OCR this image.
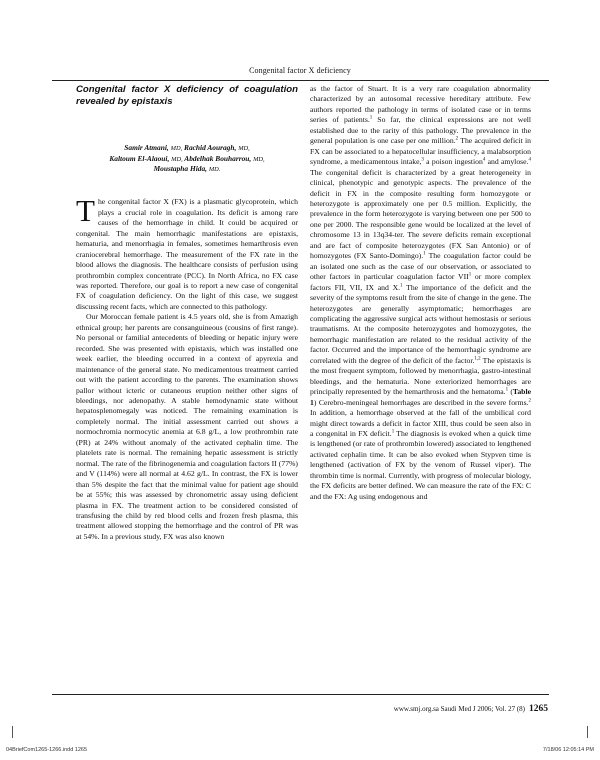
Congenital factor X deficiency
Congenital factor X deficiency of coagulation revealed by epistaxis
Samir Atmani, MD, Rachid Aouragh, MD,
Kaltoum El-Alaoui, MD, Abdelhak Bouharrou, MD,
Moustapha Hida, MD.

The congenital factor X (FX) is a plasmatic glycoprotein, which plays a crucial role in coagulation. Its deficit is among rare causes of the hemorrhage in child. It could be acquired or congenital. The main hemorrhagic manifestations are epistaxis, hematuria, and menorrhagia in females, sometimes hemarthrosis even craniocerebral hemorrhage. The measurement of the FX rate in the blood allows the diagnosis. The healthcare consists of perfusion using prothrombin complex concentrate (PCC). In North Africa, no FX case was reported. Therefore, our goal is to report a new case of congenital FX of coagulation deficiency. On the light of this case, we suggest discussing recent facts, which are connected to this pathology.

Our Moroccan female patient is 4.5 years old, she is from Amazigh ethnical group; her parents are consanguineous (cousins of first range). No personal or familial antecedents of bleeding or hepatic injury were recorded. She was presented with epistaxis, which was installed one week earlier, the bleeding occurred in a context of apyrexia and maintenance of the general state. No medicamentous treatment carried out with the patient according to the parents. The examination shows pallor without icteric or cutaneous eruption neither other signs of bleedings, nor adenopathy. A stable hemodynamic state without hepatosplenomegaly was noticed. The remaining examination is completely normal. The initial assessment carried out shows a normochromia normocytic anemia at 6.8 g/L, a low prothrombin rate (PR) at 24% without anomaly of the activated cephalin time. The platelets rate is normal. The remaining hepatic assessment is strictly normal. The rate of the fibrinogenemia and coagulation factors II (77%) and V (114%) were all normal at 4.62 g/L. In contrast, the FX is lower than 5% despite the fact that the minimal value for patient age should be at 55%; this was assessed by chronometric assay using deficient plasma in FX. The treatment action to be considered consisted of transfusing the child by red blood cells and frozen fresh plasma, this treatment allowed stopping the hemorrhage and the control of PR was at 54%. In a previous study, FX was also known

as the factor of Stuart. It is a very rare coagulation abnormality characterized by an autosomal recessive hereditary attribute. Few authors reported the pathology in terms of isolated case or in terms series of patients.$^1$ So far, the clinical expressions are not well established due to the rarity of this pathology. The prevalence in the general population is one case per one million.$^2$ The acquired deficit in FX can be associated to a hepatocellular insufficiency, a malabsorption syndrome, a medicamentous intake,$^3$ a poison ingestion$^4$ and amylose.$^4$ The congenital deficit is characterized by a great heterogeneity in clinical, phenotypic and genotypic aspects. The prevalence of the deficit in FX in the composite resulting form homozygote or heterozygote is approximately one per 0.5 million. Explicitly, the prevalence in the form heterozygote is varying between one per 500 to one per 2000. The responsible gene would be localized at the level of chromosome 13 in 13q34-ter. The severe deficits remain exceptional and are fact of composite heterozygotes (FX San Antonio) or of homozygotes (FX Santo-Domingo).$^1$ The coagulation factor could be an isolated one such as the case of our observation, or associated to other factors in particular coagulation factor VII$^1$ or more complex factors FII, VII, IX and X.$^1$ The importance of the deficit and the severity of the symptoms result from the site of change in the gene. The heterozygotes are generally asymptomatic; hemorrhages are complicating the aggressive surgical acts without hemostasis or serious traumatisms. At the composite heterozygotes and homozygotes, the hemorrhagic manifestation are related to the residual activity of the factor. Occurred and the importance of the hemorrhagic syndrome are correlated with the degree of the deficit of the factor.$^{1,2}$ The epistaxis is the most frequent symptom, followed by menorrhagia, gastro-intestinal bleedings, and the hematuria. None exteriorized hemorrhages are principally represented by the hemarthrosis and the hematoma.$^1$ (Table 1) Cerebro-meningeal hemorrhages are described in the severe forms.$^2$ In addition, a hemorrhage observed at the fall of the umbilical cord might direct towards a deficit in factor XIII, thus could be seen also in a congenital in FX deficit.$^1$ The diagnosis is evoked when a quick time is lengthened (or rate of prothrombin lowered) associated to lengthened activated cephalin time. It can be also evoked when Stypven time is lengthened (activation of FX by the venom of Russel viper). The thrombin time is normal. Currently, with progress of molecular biology, the FX deficits are better defined. We can measure the rate of the FX: C and the FX: Ag using endogenous and

www.smj.org.sa Saudi Med J 2006; Vol. 27 (8) 1265
04BriefCom1265-1266.indd 1265	7/18/06 12:05:14 PM
